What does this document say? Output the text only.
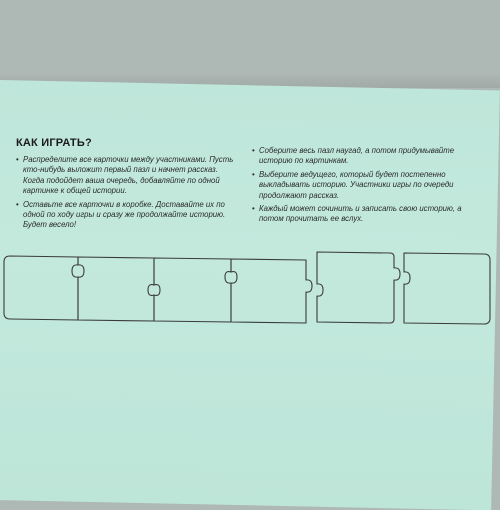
КАК ИГРАТЬ?
• Распределите все карточки между участниками. Пусть кто-нибудь выложит первый пазл и начнет рассказ. Когда подойдет ваша очередь, добавляйте по одной картинке к общей истории.
• Оставьте все карточки в коробке. Доставайте их по одной по ходу игры и сразу же продолжайте историю. Будет весело!
• Соберите весь пазл наугад, а потом придумывайте историю по картинкам.
• Выберите ведущего, который будет постепенно выкладывать историю. Участники игры по очереди продолжают рассказ.
• Каждый может сочинить и записать свою историю, а потом прочитать ее вслух.
